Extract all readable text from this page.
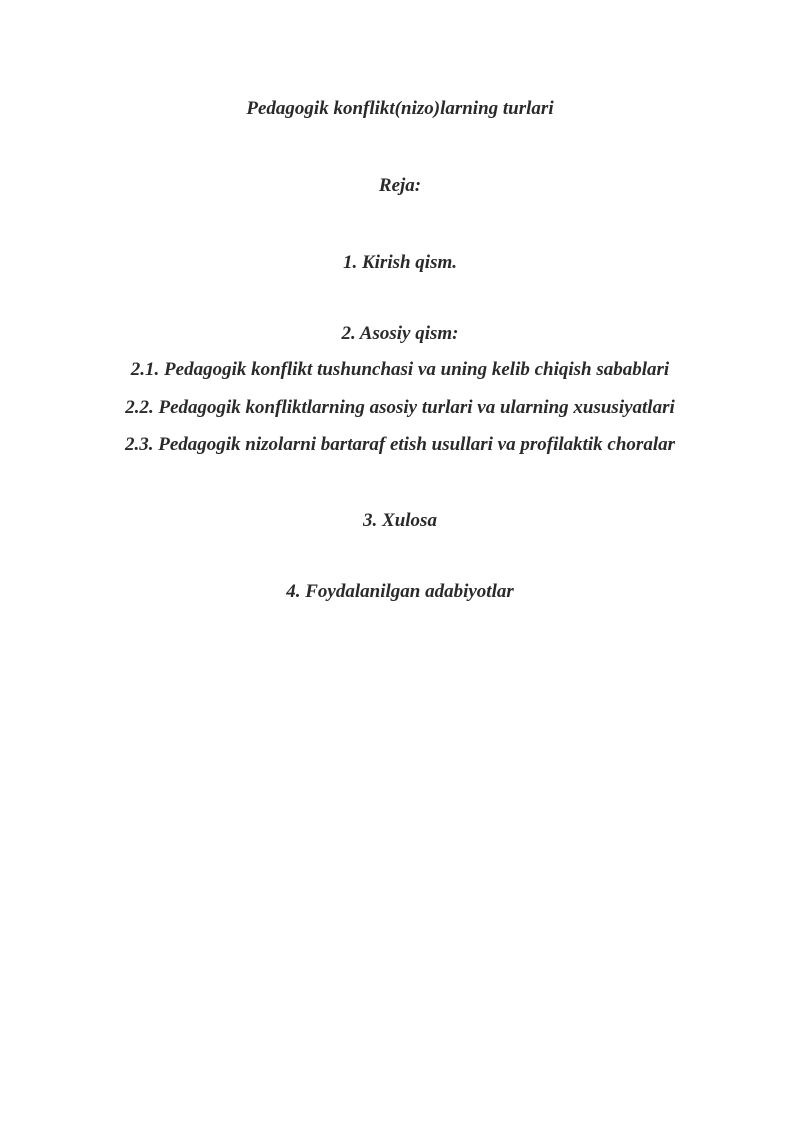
Pedagogik konflikt(nizo)larning turlari
Reja:
1. Kirish qism.
2. Asosiy qism:
2.1. Pedagogik konflikt tushunchasi va uning kelib chiqish sabablari
2.2. Pedagogik konfliktlarning asosiy turlari va ularning xususiyatlari
2.3. Pedagogik nizolarni bartaraf etish usullari va profilaktik choralar
3. Xulosa
4. Foydalanilgan adabiyotlar
